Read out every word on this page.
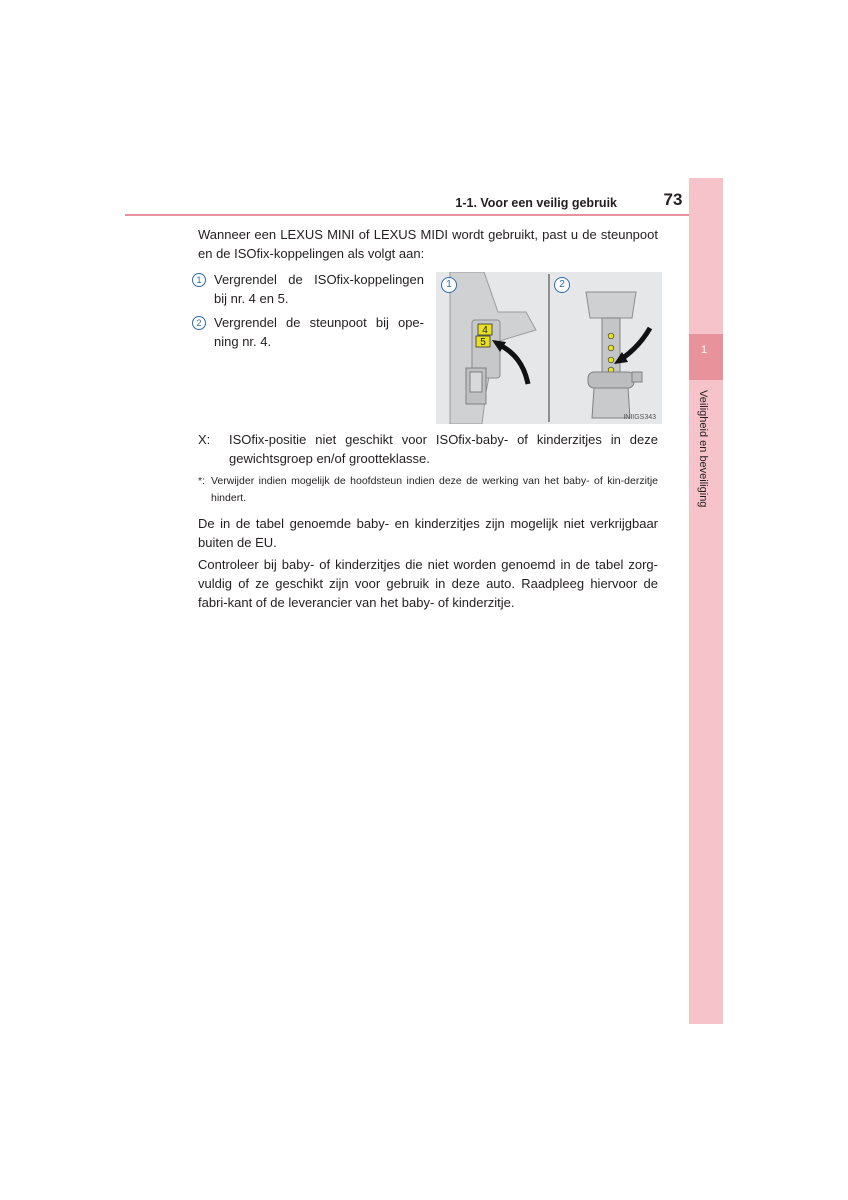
1-1. Voor een veilig gebruik	73
1
Veiligheid en beveiliging
Wanneer een LEXUS MINI of LEXUS MIDI wordt gebruikt, past u de steunpoot en de ISOfix-koppelingen als volgt aan:
1 Vergrendel de ISOfix-koppelingen bij nr. 4 en 5.
2 Vergrendel de steunpoot bij ope-ning nr. 4.
4
5
1	2
INIIGS343
X: ISOfix-positie niet geschikt voor ISOfix-baby- of kinderzitjes in deze gewichtsgroep en/of grootteklasse.
*: Verwijder indien mogelijk de hoofdsteun indien deze de werking van het baby- of kin-derzitje hindert.
De in de tabel genoemde baby- en kinderzitjes zijn mogelijk niet verkrijgbaar buiten de EU.
Controleer bij baby- of kinderzitjes die niet worden genoemd in de tabel zorg-vuldig of ze geschikt zijn voor gebruik in deze auto. Raadpleeg hiervoor de fabri-kant of de leverancier van het baby- of kinderzitje.
